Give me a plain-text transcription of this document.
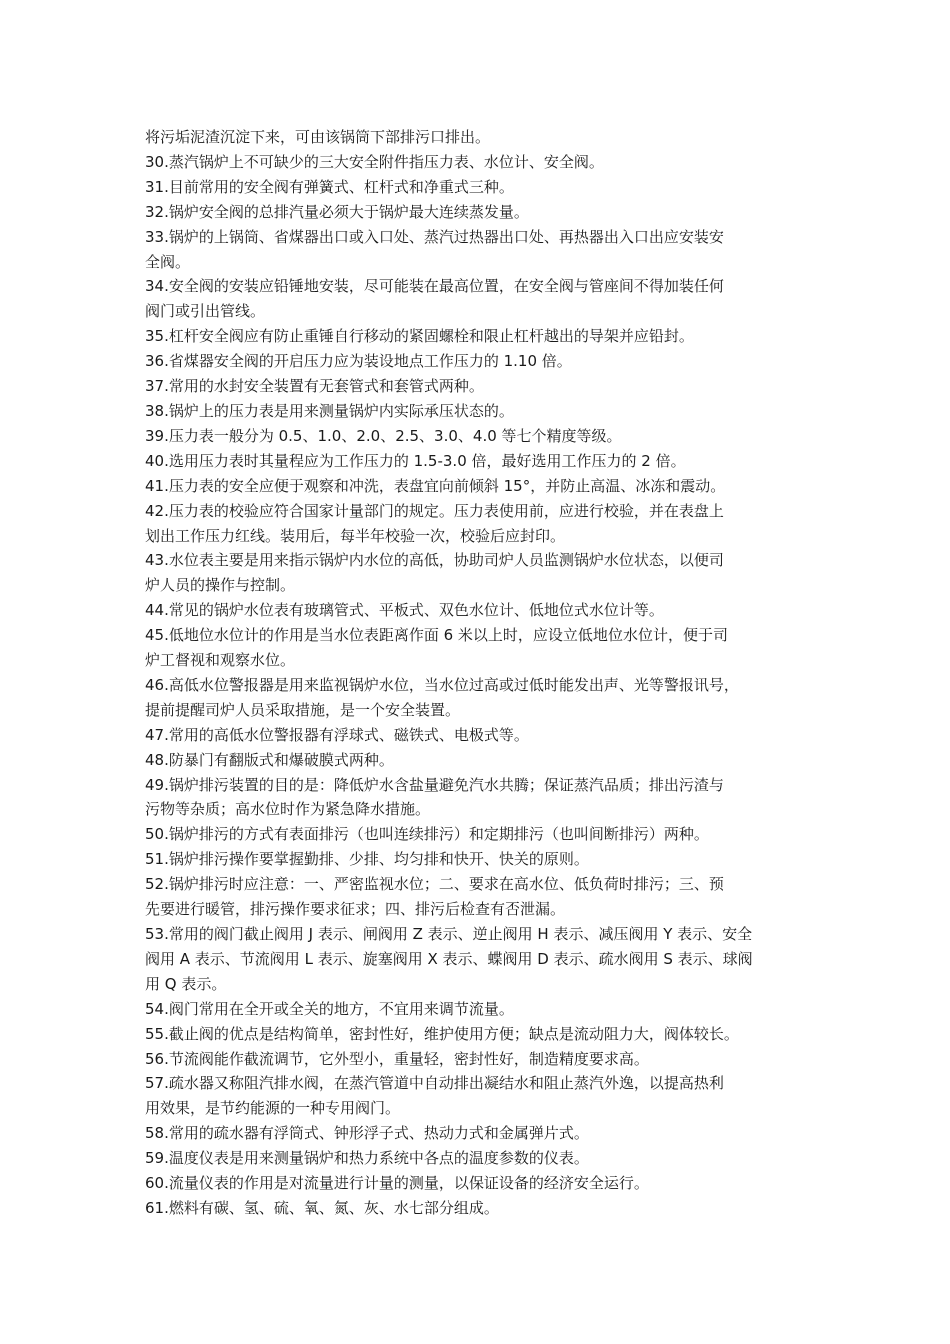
将污垢泥渣沉淀下来，可由该锅筒下部排污口排出。
30.蒸汽锅炉上不可缺少的三大安全附件指压力表、水位计、安全阀。
31.目前常用的安全阀有弹簧式、杠杆式和净重式三种。
32.锅炉安全阀的总排汽量必须大于锅炉最大连续蒸发量。
33.锅炉的上锅筒、省煤器出口或入口处、蒸汽过热器出口处、再热器出入口出应安装安
全阀。
34.安全阀的安装应铅锤地安装，尽可能装在最高位置，在安全阀与管座间不得加装任何
阀门或引出管线。
35.杠杆安全阀应有防止重锤自行移动的紧固螺栓和限止杠杆越出的导架并应铅封。
36.省煤器安全阀的开启压力应为装设地点工作压力的 1.10 倍。
37.常用的水封安全装置有无套管式和套管式两种。
38.锅炉上的压力表是用来测量锅炉内实际承压状态的。
39.压力表一般分为 0.5、1.0、2.0、2.5、3.0、4.0 等七个精度等级。
40.选用压力表时其量程应为工作压力的 1.5-3.0 倍，最好选用工作压力的 2 倍。
41.压力表的安全应便于观察和冲洗，表盘宜向前倾斜 15°，并防止高温、冰冻和震动。
42.压力表的校验应符合国家计量部门的规定。压力表使用前，应进行校验，并在表盘上
划出工作压力红线。装用后，每半年校验一次，校验后应封印。
43.水位表主要是用来指示锅炉内水位的高低，协助司炉人员监测锅炉水位状态，以便司
炉人员的操作与控制。
44.常见的锅炉水位表有玻璃管式、平板式、双色水位计、低地位式水位计等。
45.低地位水位计的作用是当水位表距离作面 6 米以上时，应设立低地位水位计，便于司
炉工督视和观察水位。
46.高低水位警报器是用来监视锅炉水位，当水位过高或过低时能发出声、光等警报讯号，
提前提醒司炉人员采取措施，是一个安全装置。
47.常用的高低水位警报器有浮球式、磁铁式、电极式等。
48.防暴门有翻版式和爆破膜式两种。
49.锅炉排污装置的目的是：降低炉水含盐量避免汽水共腾；保证蒸汽品质；排出污渣与
污物等杂质；高水位时作为紧急降水措施。
50.锅炉排污的方式有表面排污（也叫连续排污）和定期排污（也叫间断排污）两种。
51.锅炉排污操作要掌握勤排、少排、均匀排和快开、快关的原则。
52.锅炉排污时应注意：一、严密监视水位；二、要求在高水位、低负荷时排污；三、预
先要进行暖管，排污操作要求征求；四、排污后检查有否泄漏。
53.常用的阀门截止阀用 J 表示、闸阀用 Z 表示、逆止阀用 H 表示、减压阀用 Y 表示、安全
阀用 A 表示、节流阀用 L 表示、旋塞阀用 X 表示、蝶阀用 D 表示、疏水阀用 S 表示、球阀
用 Q 表示。
54.阀门常用在全开或全关的地方，不宜用来调节流量。
55.截止阀的优点是结构简单，密封性好，维护使用方便；缺点是流动阻力大，阀体较长。
56.节流阀能作截流调节，它外型小，重量轻，密封性好，制造精度要求高。
57.疏水器又称阻汽排水阀，在蒸汽管道中自动排出凝结水和阻止蒸汽外逸，以提高热利
用效果，是节约能源的一种专用阀门。
58.常用的疏水器有浮筒式、钟形浮子式、热动力式和金属弹片式。
59.温度仪表是用来测量锅炉和热力系统中各点的温度参数的仪表。
60.流量仪表的作用是对流量进行计量的测量，以保证设备的经济安全运行。
61.燃料有碳、氢、硫、氧、氮、灰、水七部分组成。
